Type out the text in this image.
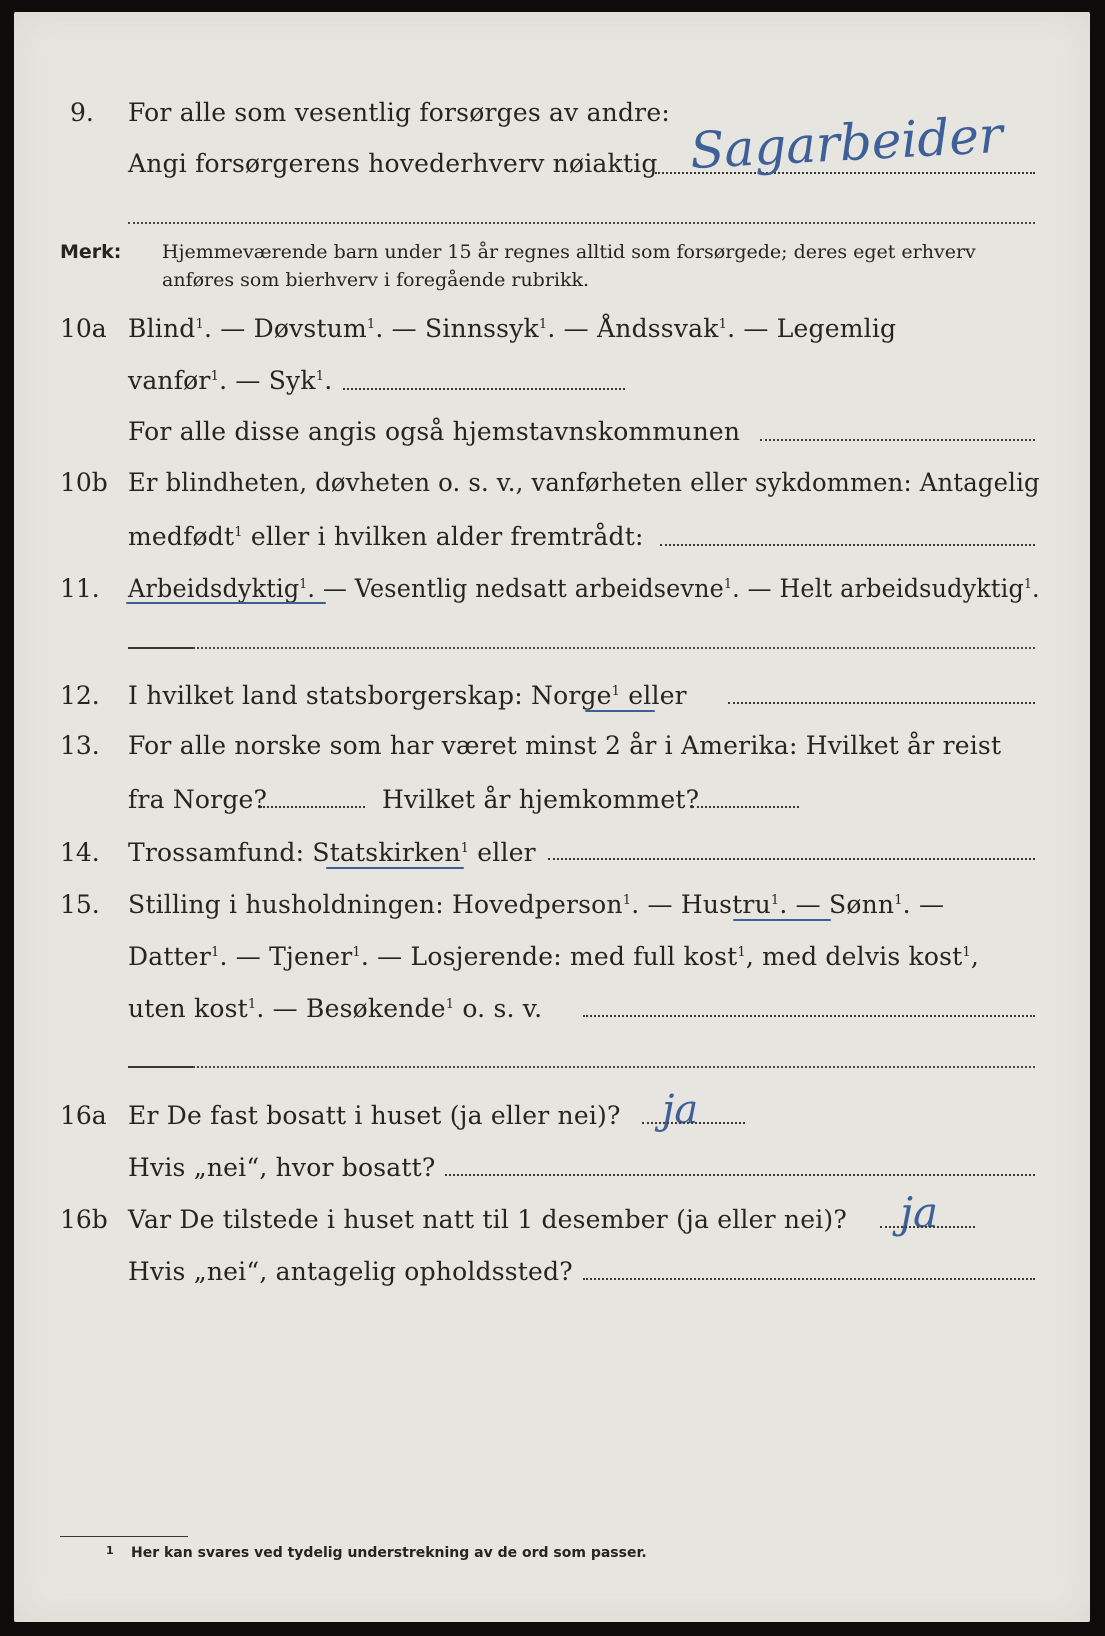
9. For alle som vesentlig forsørges av andre:
Angi forsørgerens hovederhverv nøiaktig Sagarbeider
Merk: Hjemmeværende barn under 15 år regnes alltid som forsørgede; deres eget erhverv
anføres som bierhverv i foregående rubrikk.
10a Blind$^1$. — Døvstum$^1$. — Sinnssyk$^1$. — Åndssvak$^1$. — Legemlig
vanfør$^1$. — Syk$^1$.
For alle disse angis også hjemstavnskommunen
10b Er blindheten, døvheten o. s. v., vanførheten eller sykdommen: Antagelig
medfødt$^1$ eller i hvilken alder fremtrådt:
11. Arbeidsdyktig$^1$. — Vesentlig nedsatt arbeidsevne$^1$. — Helt arbeidsudyktig$^1$.
12. I hvilket land statsborgerskap: Norge$^1$ eller
13. For alle norske som har været minst 2 år i Amerika: Hvilket år reist
fra Norge?	Hvilket år hjemkommet?
14. Trossamfund: Statskirken$^1$ eller
15. Stilling i husholdningen: Hovedperson$^1$. — Hustru$^1$. — Sønn$^1$. —
Datter$^1$. — Tjener$^1$. — Losjerende: med full kost$^1$, med delvis kost$^1$,
uten kost$^1$. — Besøkende$^1$ o. s. v.
16a Er De fast bosatt i huset (ja eller nei)? ja
Hvis „nei“, hvor bosatt?
16b Var De tilstede i huset natt til 1 desember (ja eller nei)? ja
Hvis „nei“, antagelig opholdssted?
1 Her kan svares ved tydelig understrekning av de ord som passer.
